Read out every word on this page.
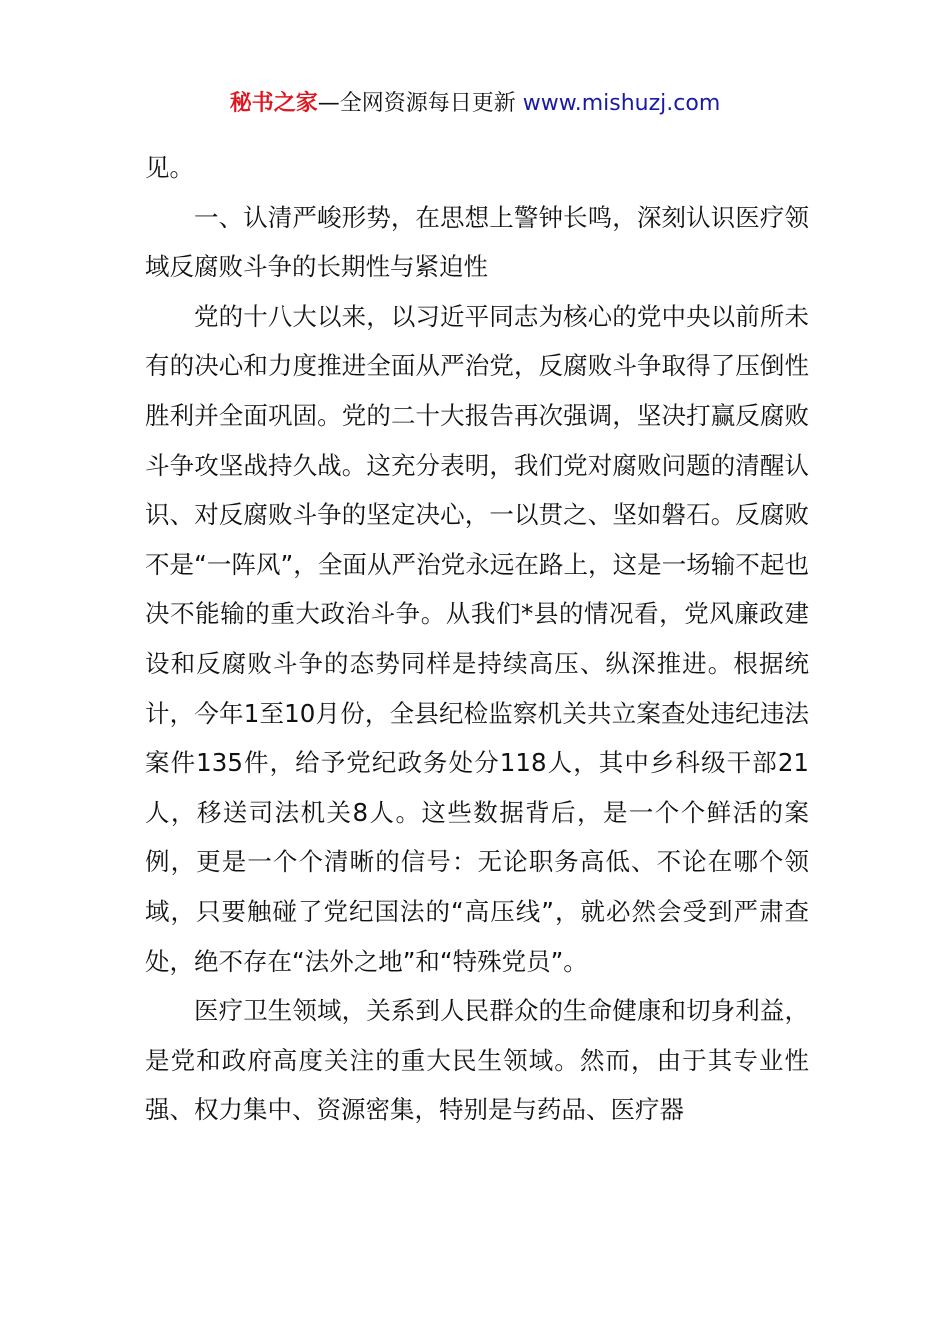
秘书之家—全网资源每日更新 www.mishuzj.com

见。

一、认清严峻形势，在思想上警钟长鸣，深刻认识医疗领域反腐败斗争的长期性与紧迫性

党的十八大以来，以习近平同志为核心的党中央以前所未有的决心和力度推进全面从严治党，反腐败斗争取得了压倒性胜利并全面巩固。党的二十大报告再次强调，坚决打赢反腐败斗争攻坚战持久战。这充分表明，我们党对腐败问题的清醒认识、对反腐败斗争的坚定决心，一以贯之、坚如磐石。反腐败不是“一阵风”，全面从严治党永远在路上，这是一场输不起也决不能输的重大政治斗争。从我们*县的情况看，党风廉政建设和反腐败斗争的态势同样是持续高压、纵深推进。根据统计，今年1至10月份，全县纪检监察机关共立案查处违纪违法案件135件，给予党纪政务处分118人，其中乡科级干部21人，移送司法机关8人。这些数据背后，是一个个鲜活的案例，更是一个个清晰的信号：无论职务高低、不论在哪个领域，只要触碰了党纪国法的“高压线”，就必然会受到严肃查处，绝不存在“法外之地”和“特殊党员”。

医疗卫生领域，关系到人民群众的生命健康和切身利益，是党和政府高度关注的重大民生领域。然而，由于其专业性强、权力集中、资源密集，特别是与药品、医疗器
